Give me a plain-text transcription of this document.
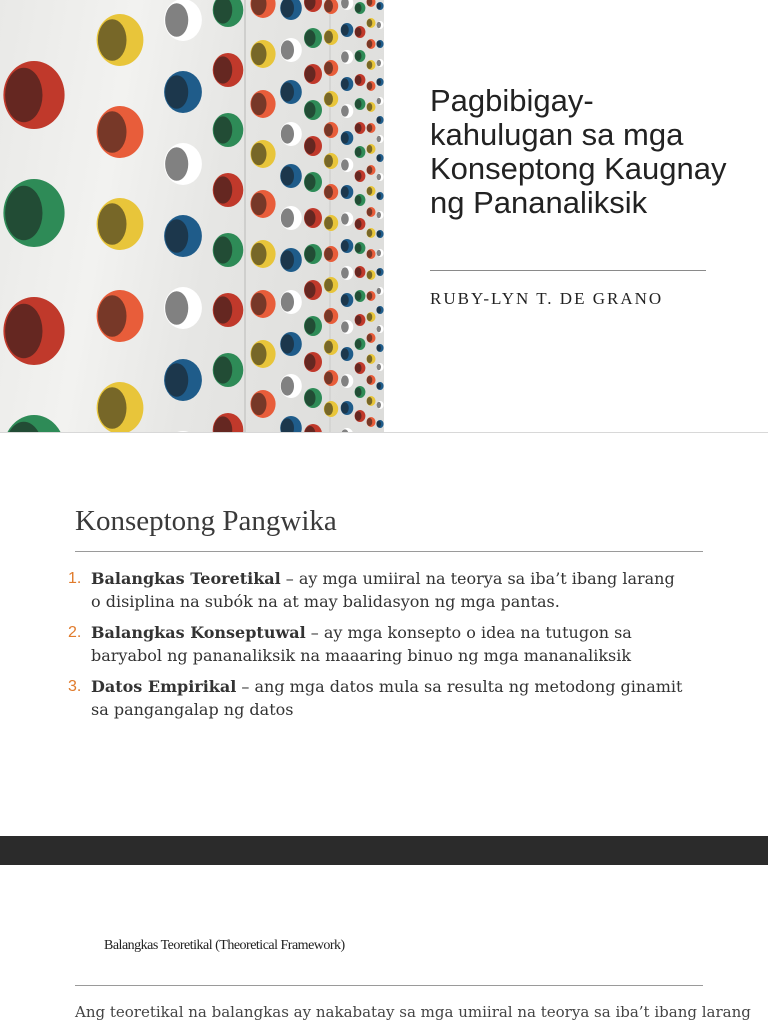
Pagbibigay-kahulugan sa mga Konseptong Kaugnay ng Pananaliksik
RUBY-LYN T. DE GRANO
Konseptong Pangwika
1. Balangkas Teoretikal – ay mga umiiral na teorya sa iba’t ibang larang o disiplina na subók na at may balidasyon ng mga pantas.
2. Balangkas Konseptuwal – ay mga konsepto o idea na tutugon sa baryabol ng pananaliksik na maaaring binuo ng mga mananaliksik
3. Datos Empirikal – ang mga datos mula sa resulta ng metodong ginamit sa pangangalap ng datos
Balangkas Teoretikal (Theoretical Framework)
Ang teoretikal na balangkas ay nakabatay sa mga umiiral na teorya sa iba’t ibang larang
